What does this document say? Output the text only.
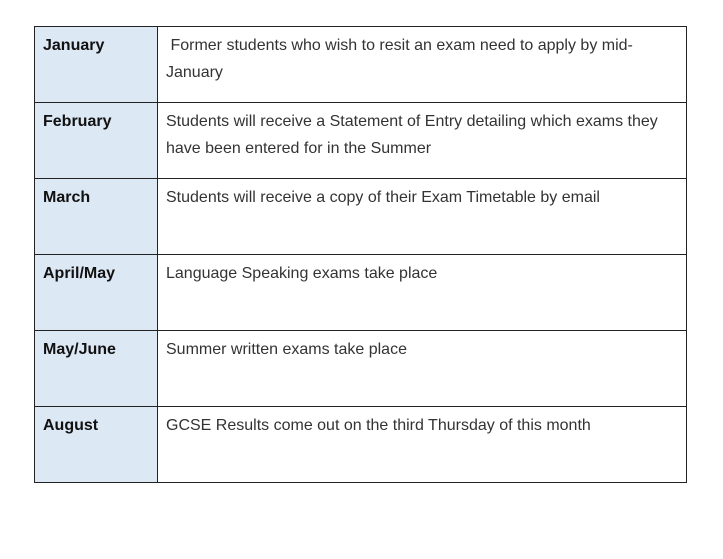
January	Former students who wish to resit an exam need to apply by mid-January

February	Students will receive a Statement of Entry detailing which exams they have been entered for in the Summer

March	Students will receive a copy of their Exam Timetable by email

April/May	Language Speaking exams take place

May/June	Summer written exams take place

August	GCSE Results come out on the third Thursday of this month
